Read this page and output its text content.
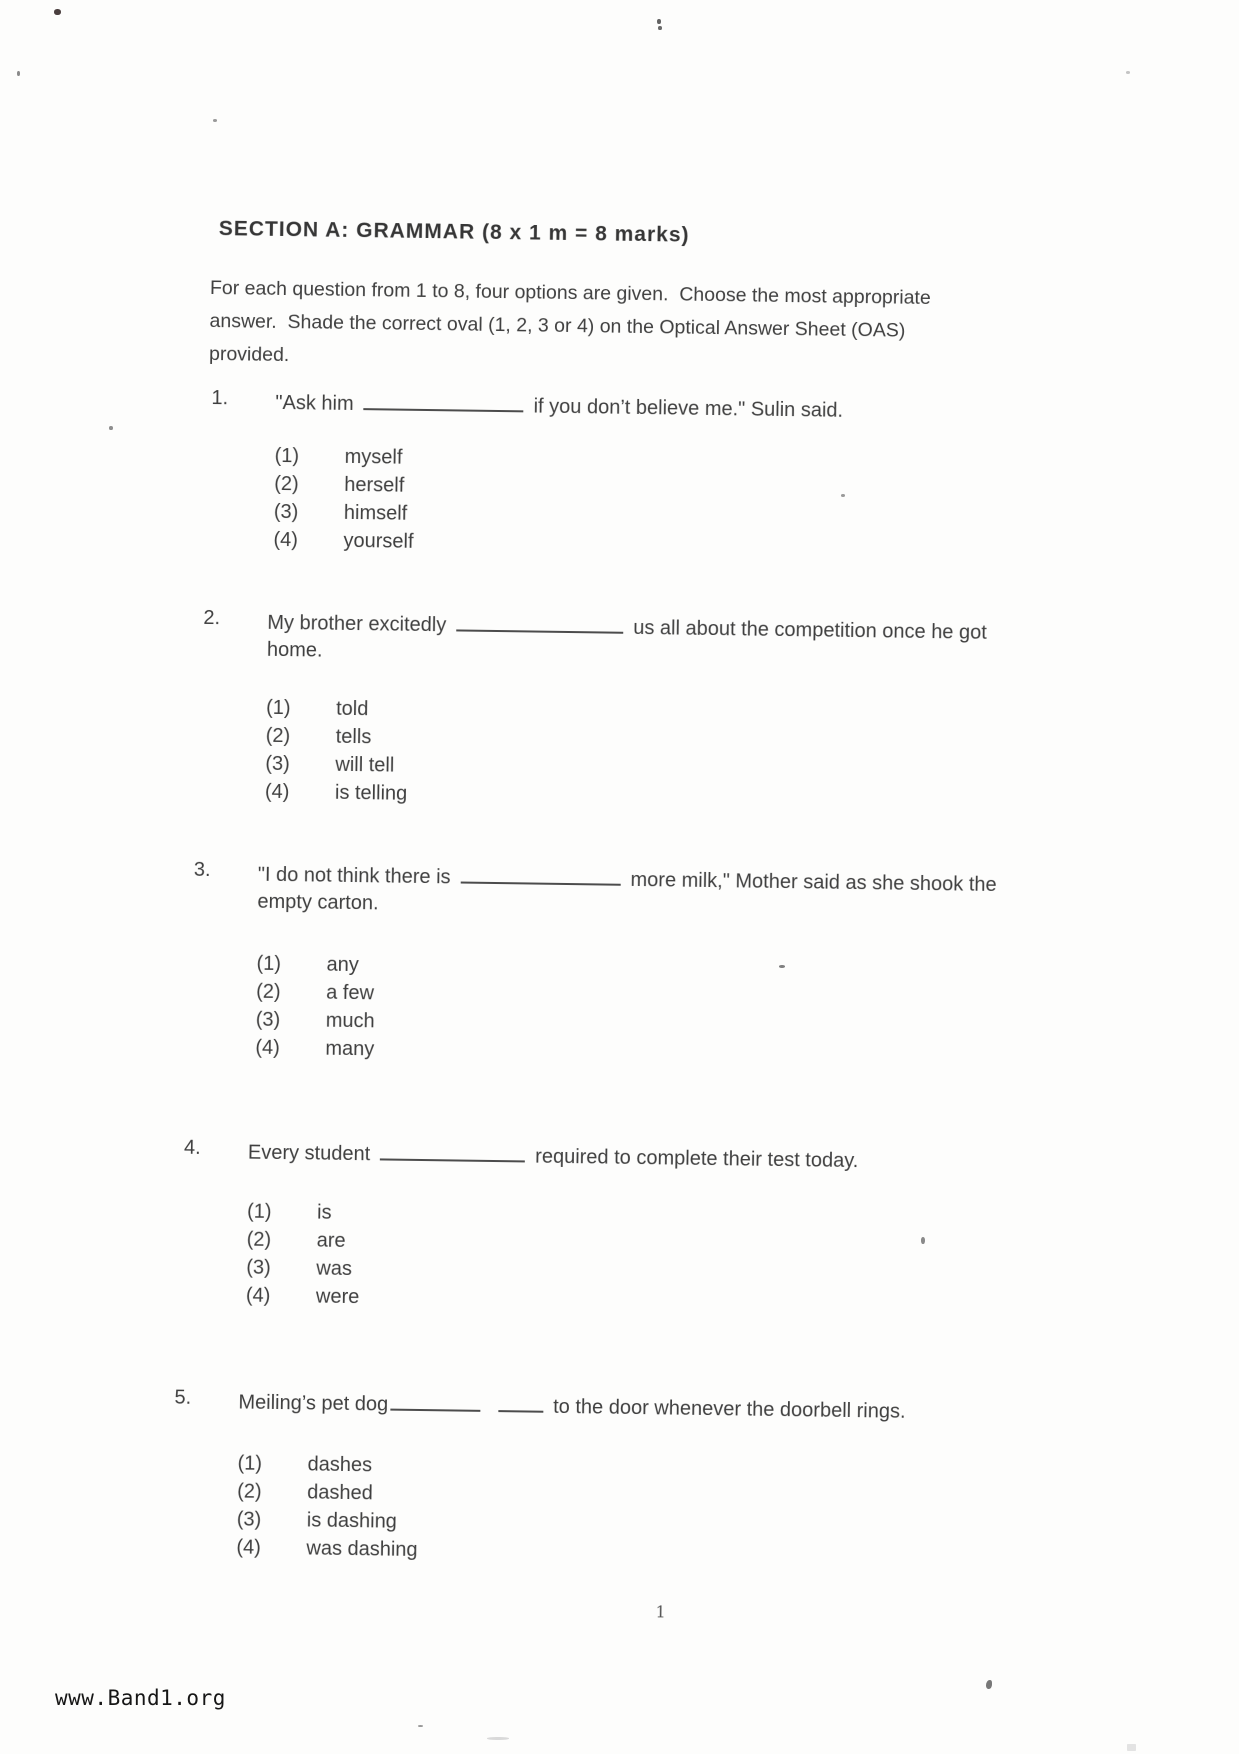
SECTION A: GRAMMAR (8 x 1 m = 8 marks)
For each question from 1 to 8, four options are given.  Choose the most appropriate
answer.  Shade the correct oval (1, 2, 3 or 4) on the Optical Answer Sheet (OAS)
provided.
1. "Ask him	if you don’t believe me." Sulin said.
(1) myself
(2) herself
(3) himself
(4) yourself
2. My brother excitedly	us all about the competition once he got
home.
(1) told
(2) tells
(3) will tell
(4) is telling
3. "I do not think there is	more milk," Mother said as she shook the
empty carton.
(1) any
(2) a few
(3) much
(4) many
4. Every student	required to complete their test today.
(1) is
(2) are
(3) was
(4) were
5. Meiling’s pet dog	to the door whenever the doorbell rings.
(1) dashes
(2) dashed
(3) is dashing
(4) was dashing
1
www.Band1.org
